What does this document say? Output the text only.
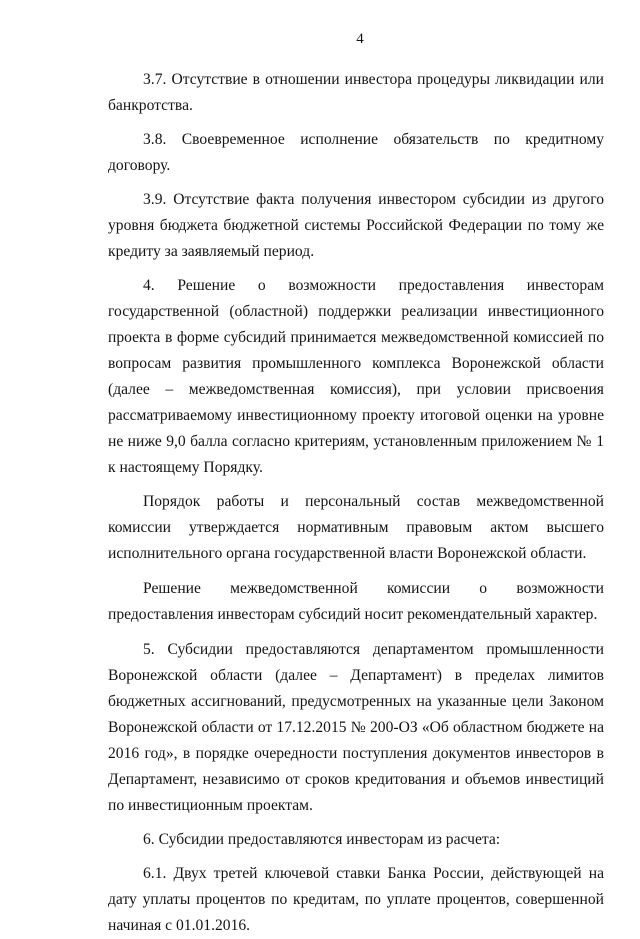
4

3.7. Отсутствие в отношении инвестора процедуры ликвидации или банкротства.

3.8. Своевременное исполнение обязательств по кредитному договору.

3.9. Отсутствие факта получения инвестором субсидии из другого уровня бюджета бюджетной системы Российской Федерации по тому же кредиту за заявляемый период.

4. Решение о возможности предоставления инвесторам государственной (областной) поддержки реализации инвестиционного проекта в форме субсидий принимается межведомственной комиссией по вопросам развития промышленного комплекса Воронежской области (далее – межведомственная комиссия), при условии присвоения рассматриваемому инвестиционному проекту итоговой оценки на уровне не ниже 9,0 балла согласно критериям, установленным приложением № 1 к настоящему Порядку.

Порядок работы и персональный состав межведомственной комиссии утверждается нормативным правовым актом высшего исполнительного органа государственной власти Воронежской области.

Решение межведомственной комиссии о возможности предоставления инвесторам субсидий носит рекомендательный характер.

5. Субсидии предоставляются департаментом промышленности Воронежской области (далее – Департамент) в пределах лимитов бюджетных ассигнований, предусмотренных на указанные цели Законом Воронежской области от 17.12.2015 № 200-ОЗ «Об областном бюджете на 2016 год», в порядке очередности поступления документов инвесторов в Департамент, независимо от сроков кредитования и объемов инвестиций по инвестиционным проектам.

6. Субсидии предоставляются инвесторам из расчета:

6.1. Двух третей ключевой ставки Банка России, действующей на дату уплаты процентов по кредитам, по уплате процентов, совершенной начиная с 01.01.2016.
